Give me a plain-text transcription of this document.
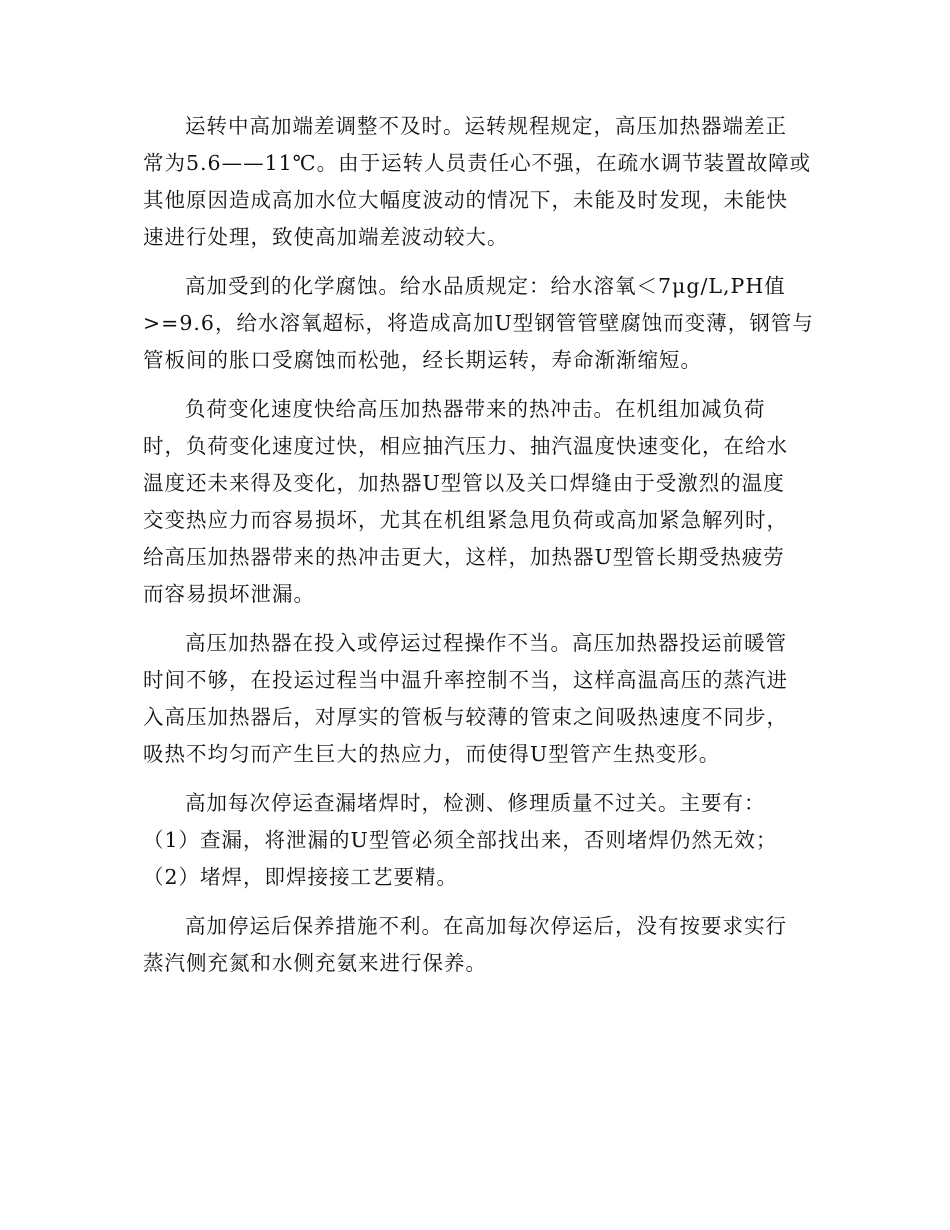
运转中高加端差调整不及时。运转规程规定，高压加热器端差正
常为5.6——11℃。由于运转人员责任心不强，在疏水调节装置故障或
其他原因造成高加水位大幅度波动的情况下，未能及时发现，未能快
速进行处理，致使高加端差波动较大。
高加受到的化学腐蚀。给水品质规定：给水溶氧＜7μg/L,PH值
>=9.6，给水溶氧超标，将造成高加U型钢管管壁腐蚀而变薄，钢管与
管板间的胀口受腐蚀而松弛，经长期运转，寿命渐渐缩短。
负荷变化速度快给高压加热器带来的热冲击。在机组加减负荷
时，负荷变化速度过快，相应抽汽压力、抽汽温度快速变化，在给水
温度还未来得及变化，加热器U型管以及关口焊缝由于受激烈的温度
交变热应力而容易损坏，尤其在机组紧急甩负荷或高加紧急解列时，
给高压加热器带来的热冲击更大，这样，加热器U型管长期受热疲劳
而容易损坏泄漏。
高压加热器在投入或停运过程操作不当。高压加热器投运前暖管
时间不够，在投运过程当中温升率控制不当，这样高温高压的蒸汽进
入高压加热器后，对厚实的管板与较薄的管束之间吸热速度不同步，
吸热不均匀而产生巨大的热应力，而使得U型管产生热变形。
高加每次停运查漏堵焊时，检测、修理质量不过关。主要有：
（1）查漏，将泄漏的U型管必须全部找出来，否则堵焊仍然无效；
（2）堵焊，即焊接接工艺要精。
高加停运后保养措施不利。在高加每次停运后，没有按要求实行
蒸汽侧充氮和水侧充氨来进行保养。
